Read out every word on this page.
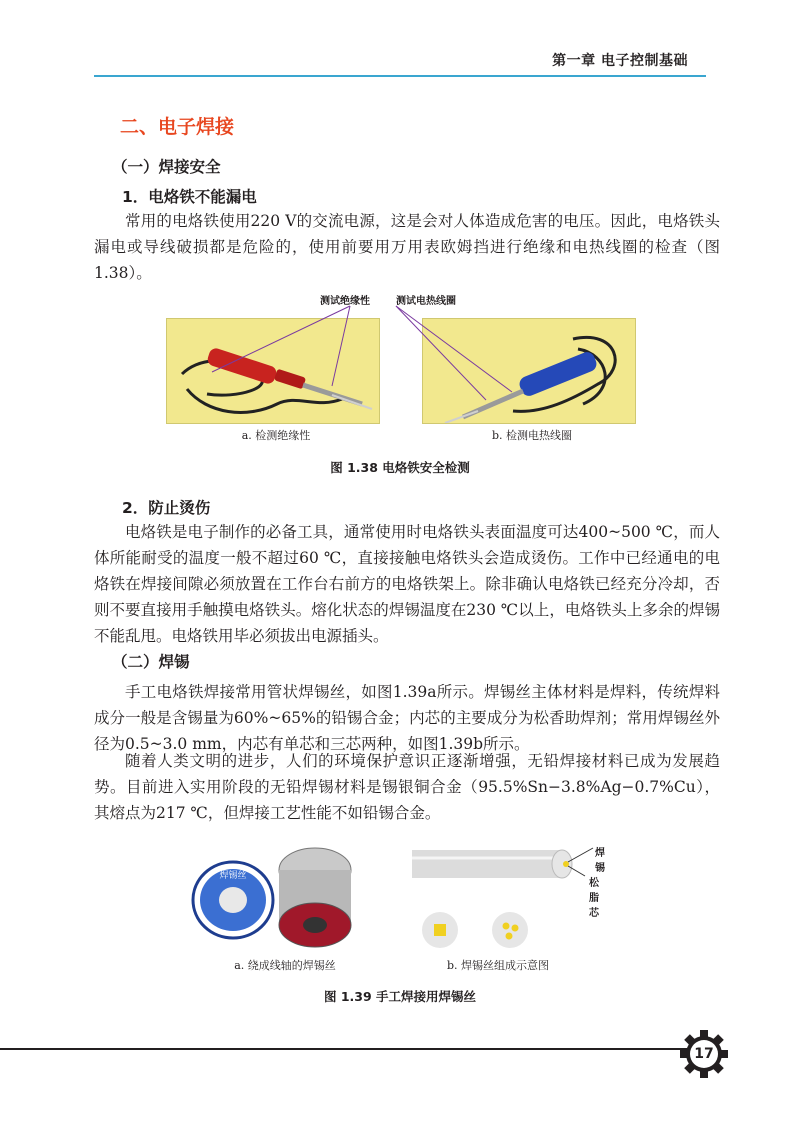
第一章 电子控制基础
二、电子焊接
（一）焊接安全
1．电烙铁不能漏电

常用的电烙铁使用220 V的交流电源，这是会对人体造成危害的电压。因此，电烙铁头漏电或导线破损都是危险的，使用前要用万用表欧姆挡进行绝缘和电热线圈的检查（图1.38）。

测试绝缘性	测试电热线圈
a. 检测绝缘性	b. 检测电热线圈
图 1.38 电烙铁安全检测
2．防止烫伤

电烙铁是电子制作的必备工具，通常使用时电烙铁头表面温度可达400~500 ℃，而人体所能耐受的温度一般不超过60 ℃，直接接触电烙铁头会造成烫伤。工作中已经通电的电烙铁在焊接间隙必须放置在工作台右前方的电烙铁架上。除非确认电烙铁已经充分冷却，否则不要直接用手触摸电烙铁头。熔化状态的焊锡温度在230 ℃以上，电烙铁头上多余的焊锡不能乱甩。电烙铁用毕必须拔出电源插头。

（二）焊锡

手工电烙铁焊接常用管状焊锡丝，如图1.39a所示。焊锡丝主体材料是焊料，传统焊料成分一般是含锡量为60%~65%的铅锡合金；内芯的主要成分为松香助焊剂；常用焊锡丝外径为0.5~3.0 mm，内芯有单芯和三芯两种，如图1.39b所示。

随着人类文明的进步，人们的环境保护意识正逐渐增强，无铅焊接材料已成为发展趋势。目前进入实用阶段的无铅焊锡材料是锡银铜合金（95.5%Sn−3.8%Ag−0.7%Cu），其熔点为217 ℃，但焊接工艺性能不如铅锡合金。

焊锡丝
焊锡
松脂芯
a. 绕成线轴的焊锡丝	b. 焊锡丝组成示意图
图 1.39 手工焊接用焊锡丝
17
